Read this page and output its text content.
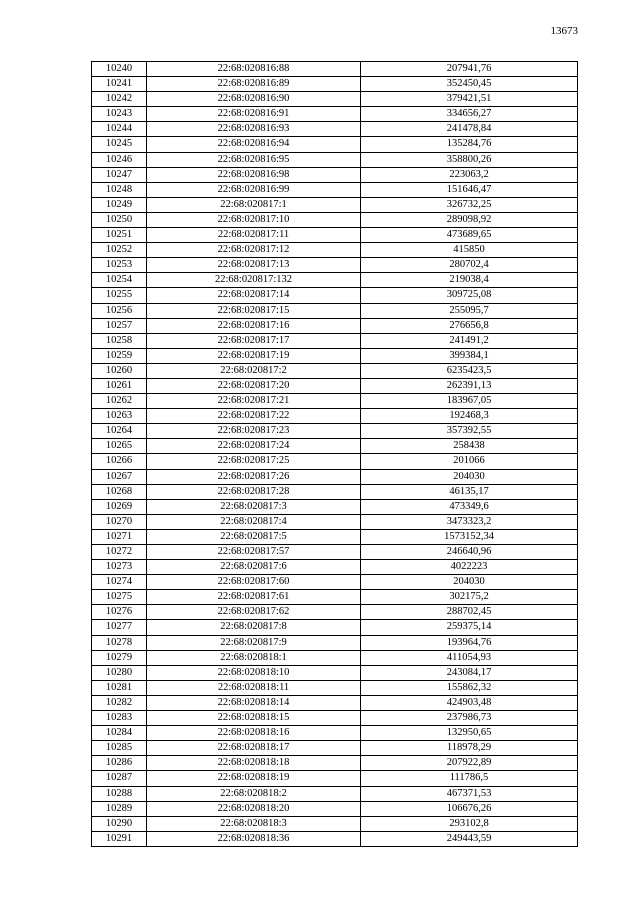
13673
10240	22:68:020816:88	207941,76
10241	22:68:020816:89	352450,45
10242	22:68:020816:90	379421,51
10243	22:68:020816:91	334656,27
10244	22:68:020816:93	241478,84
10245	22:68:020816:94	135284,76
10246	22:68:020816:95	358800,26
10247	22:68:020816:98	223063,2
10248	22:68:020816:99	151646,47
10249	22:68:020817:1	326732,25
10250	22:68:020817:10	289098,92
10251	22:68:020817:11	473689,65
10252	22:68:020817:12	415850
10253	22:68:020817:13	280702,4
10254	22:68:020817:132	219038,4
10255	22:68:020817:14	309725,08
10256	22:68:020817:15	255095,7
10257	22:68:020817:16	276656,8
10258	22:68:020817:17	241491,2
10259	22:68:020817:19	399384,1
10260	22:68:020817:2	6235423,5
10261	22:68:020817:20	262391,13
10262	22:68:020817:21	183967,05
10263	22:68:020817:22	192468,3
10264	22:68:020817:23	357392,55
10265	22:68:020817:24	258438
10266	22:68:020817:25	201066
10267	22:68:020817:26	204030
10268	22:68:020817:28	46135,17
10269	22:68:020817:3	473349,6
10270	22:68:020817:4	3473323,2
10271	22:68:020817:5	1573152,34
10272	22:68:020817:57	246640,96
10273	22:68:020817:6	4022223
10274	22:68:020817:60	204030
10275	22:68:020817:61	302175,2
10276	22:68:020817:62	288702,45
10277	22:68:020817:8	259375,14
10278	22:68:020817:9	193964,76
10279	22:68:020818:1	411054,93
10280	22:68:020818:10	243084,17
10281	22:68:020818:11	155862,32
10282	22:68:020818:14	424903,48
10283	22:68:020818:15	237986,73
10284	22:68:020818:16	132950,65
10285	22:68:020818:17	118978,29
10286	22:68:020818:18	207922,89
10287	22:68:020818:19	111786,5
10288	22:68:020818:2	467371,53
10289	22:68:020818:20	106676,26
10290	22:68:020818:3	293102,8
10291	22:68:020818:36	249443,59
